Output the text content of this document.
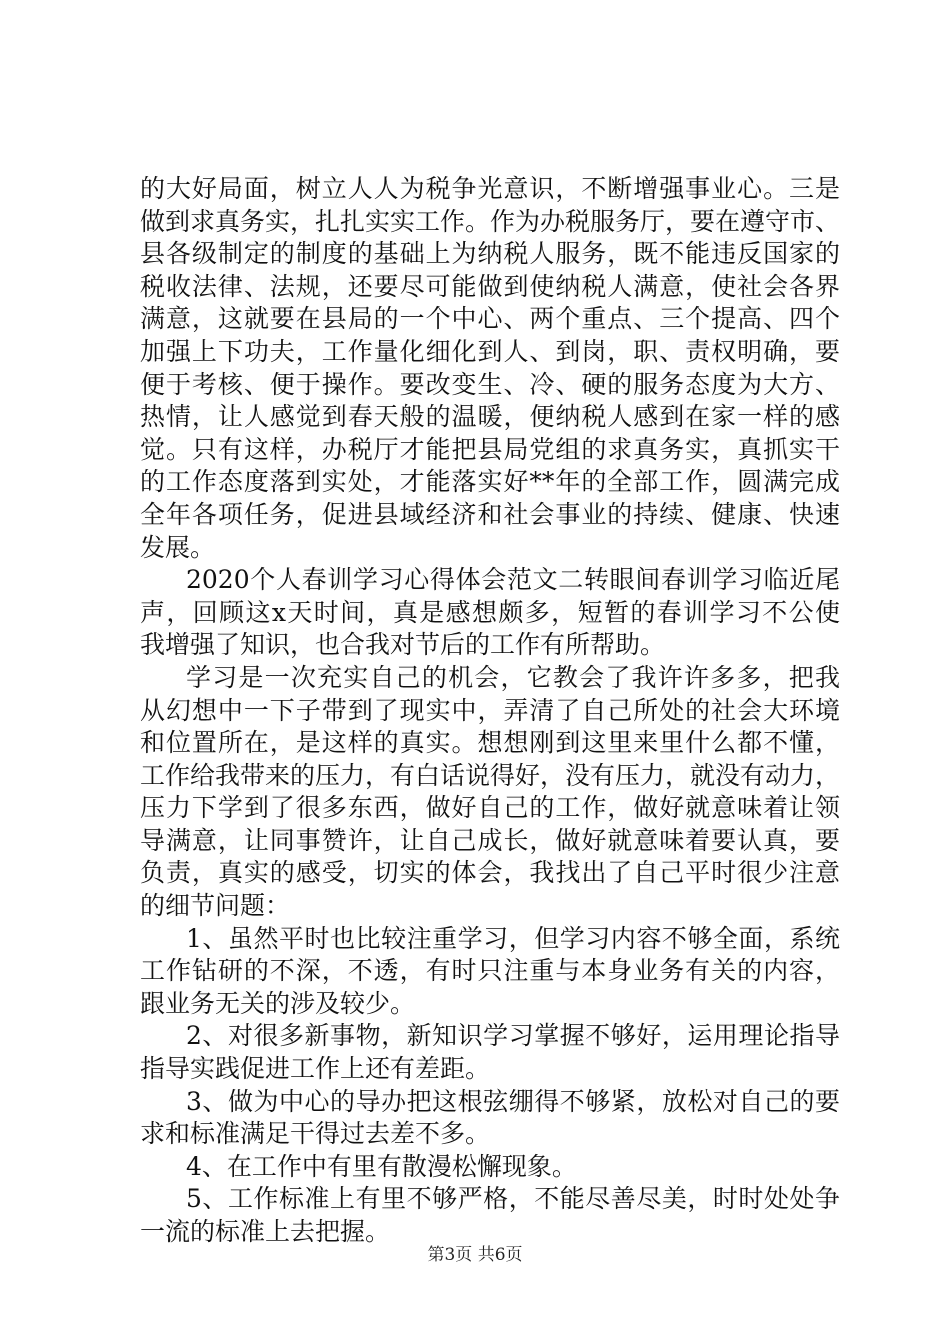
的大好局面，树立人人为税争光意识，不断增强事业心。三是
做到求真务实，扎扎实实工作。作为办税服务厅，要在遵守市、
县各级制定的制度的基础上为纳税人服务，既不能违反国家的
税收法律、法规，还要尽可能做到使纳税人满意，使社会各界
满意，这就要在县局的一个中心、两个重点、三个提高、四个
加强上下功夫，工作量化细化到人、到岗，职、责权明确，要
便于考核、便于操作。要改变生、冷、硬的服务态度为大方、
热情，让人感觉到春天般的温暖，便纳税人感到在家一样的感
觉。只有这样，办税厅才能把县局党组的求真务实，真抓实干
的工作态度落到实处，才能落实好**年的全部工作，圆满完成
全年各项任务，促进县域经济和社会事业的持续、健康、快速
发展。
2020个人春训学习心得体会范文二转眼间春训学习临近尾
声，回顾这x天时间，真是感想颇多，短暂的春训学习不公使
我增强了知识，也合我对节后的工作有所帮助。
学习是一次充实自己的机会，它教会了我许许多多，把我
从幻想中一下子带到了现实中，弄清了自己所处的社会大环境
和位置所在，是这样的真实。想想刚到这里来里什么都不懂，
工作给我带来的压力，有白话说得好，没有压力，就没有动力，
压力下学到了很多东西，做好自己的工作，做好就意味着让领
导满意，让同事赞许，让自己成长，做好就意味着要认真，要
负责，真实的感受，切实的体会，我找出了自己平时很少注意
的细节问题：
1、虽然平时也比较注重学习，但学习内容不够全面，系统
工作钻研的不深，不透，有时只注重与本身业务有关的内容，
跟业务无关的涉及较少。
2、对很多新事物，新知识学习掌握不够好，运用理论指导
指导实践促进工作上还有差距。
3、做为中心的导办把这根弦绷得不够紧，放松对自己的要
求和标准满足干得过去差不多。
4、在工作中有里有散漫松懈现象。
5、工作标准上有里不够严格，不能尽善尽美，时时处处争
一流的标准上去把握。
第3页 共6页
